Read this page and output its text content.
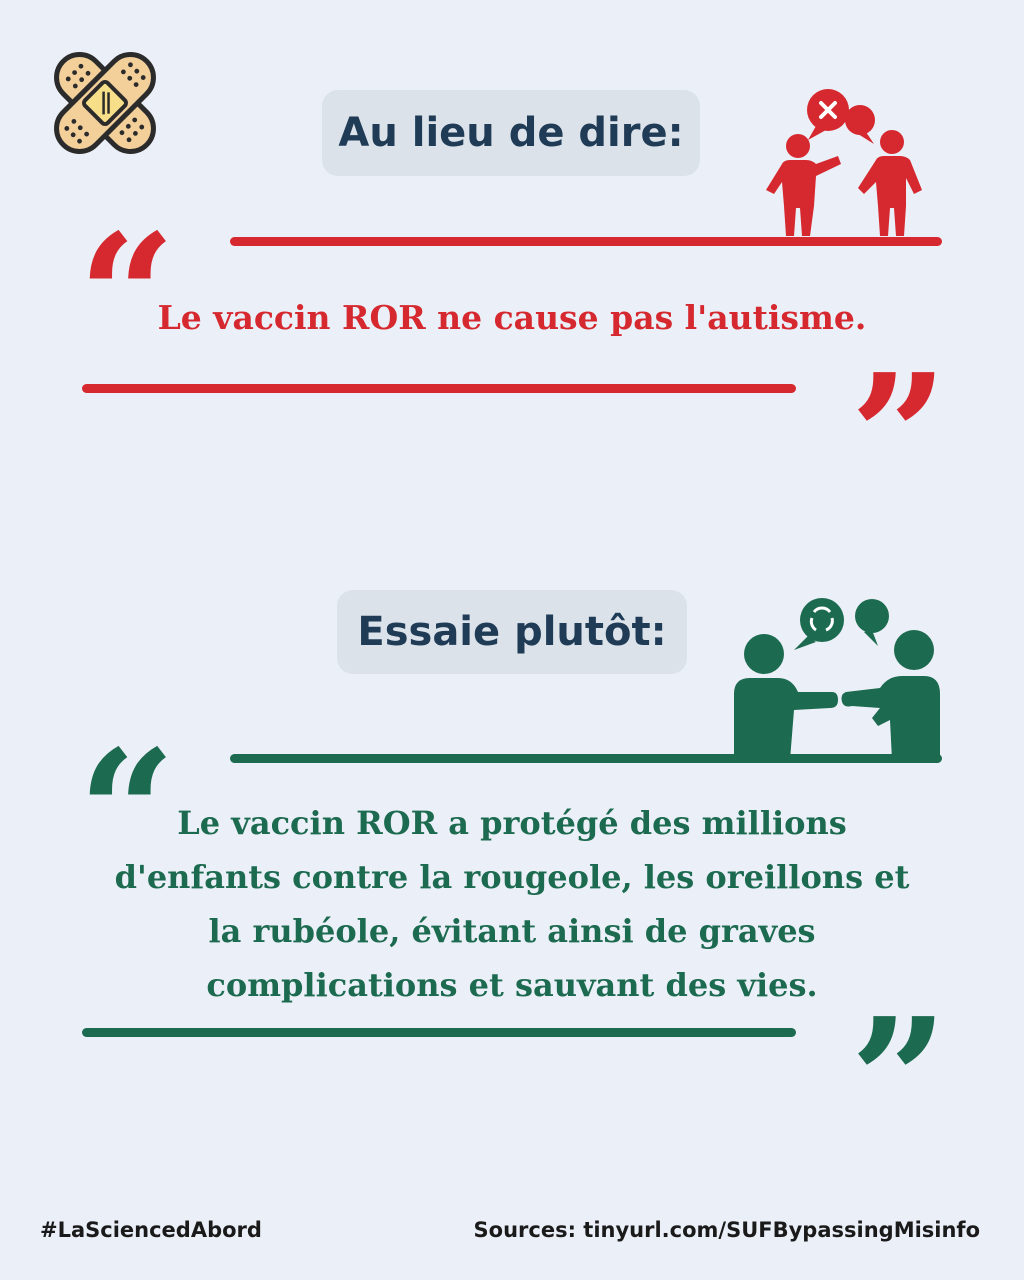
Au lieu de dire:
“
Le vaccin ROR ne cause pas l'autisme.
”
Essaie plutôt:
“ Le vaccin ROR a protégé des millions d'enfants contre la rougeole, les oreillons et la rubéole, évitant ainsi de graves complications et sauvant des vies. ”
#LaSciencedAbord	Sources: tinyurl.com/SUFBypassingMisinfo
